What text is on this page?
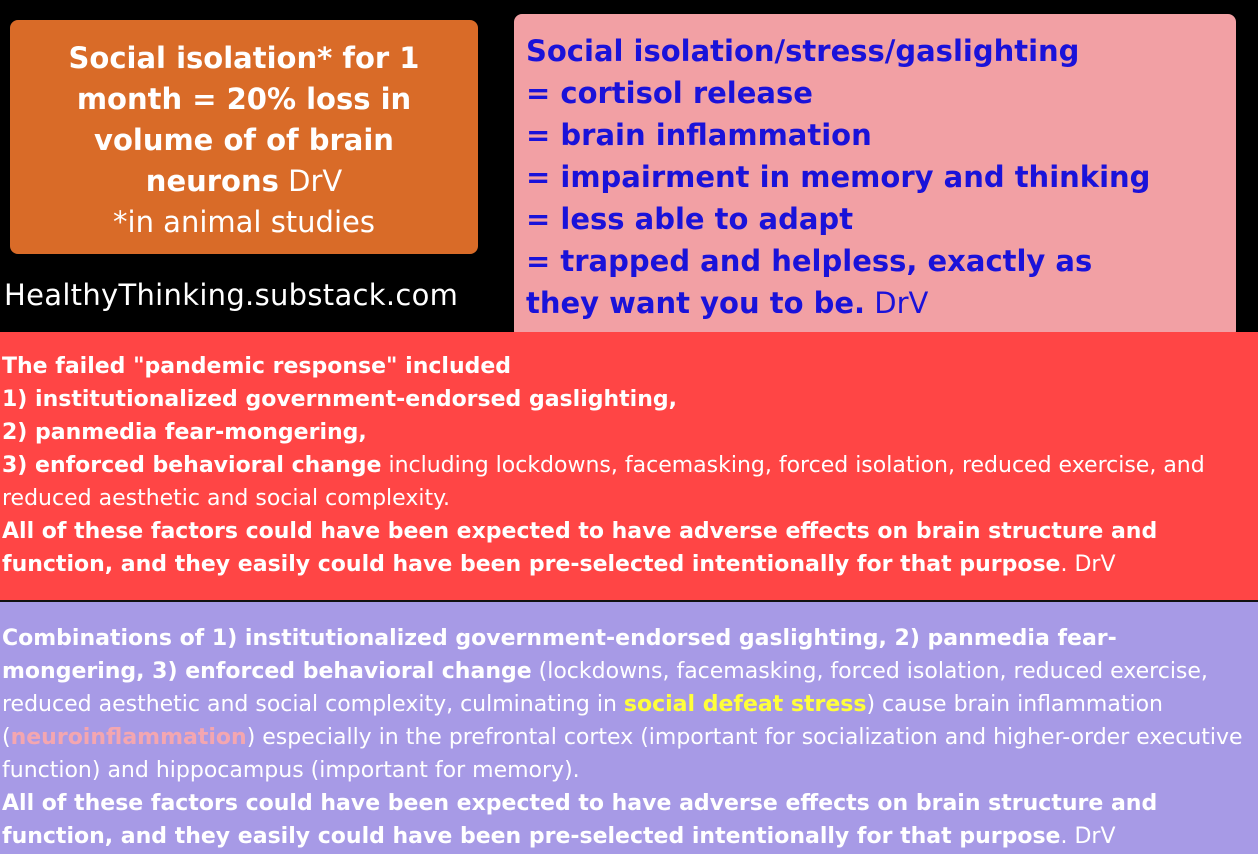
Social isolation* for 1
month = 20% loss in
volume of of brain
neurons DrV
*in animal studies
HealthyThinking.substack.com
Social isolation/stress/gaslighting
= cortisol release
= brain inflammation
= impairment in memory and thinking
= less able to adapt
= trapped and helpless, exactly as
they want you to be. DrV

The failed "pandemic response" included

1) institutionalized government-endorsed gaslighting,

2) panmedia fear-mongering,

3) enforced behavioral change including lockdowns, facemasking, forced isolation, reduced exercise, and reduced aesthetic and social complexity.

All of these factors could have been expected to have adverse effects on brain structure and function, and they easily could have been pre-selected intentionally for that purpose. DrV

Combinations of 1) institutionalized government-endorsed gaslighting, 2) panmedia fear-mongering, 3) enforced behavioral change (lockdowns, facemasking, forced isolation, reduced exercise, reduced aesthetic and social complexity, culminating in social defeat stress) cause brain inflammation (neuroinflammation) especially in the prefrontal cortex (important for socialization and higher-order executive function) and hippocampus (important for memory).

All of these factors could have been expected to have adverse effects on brain structure and function, and they easily could have been pre-selected intentionally for that purpose. DrV
